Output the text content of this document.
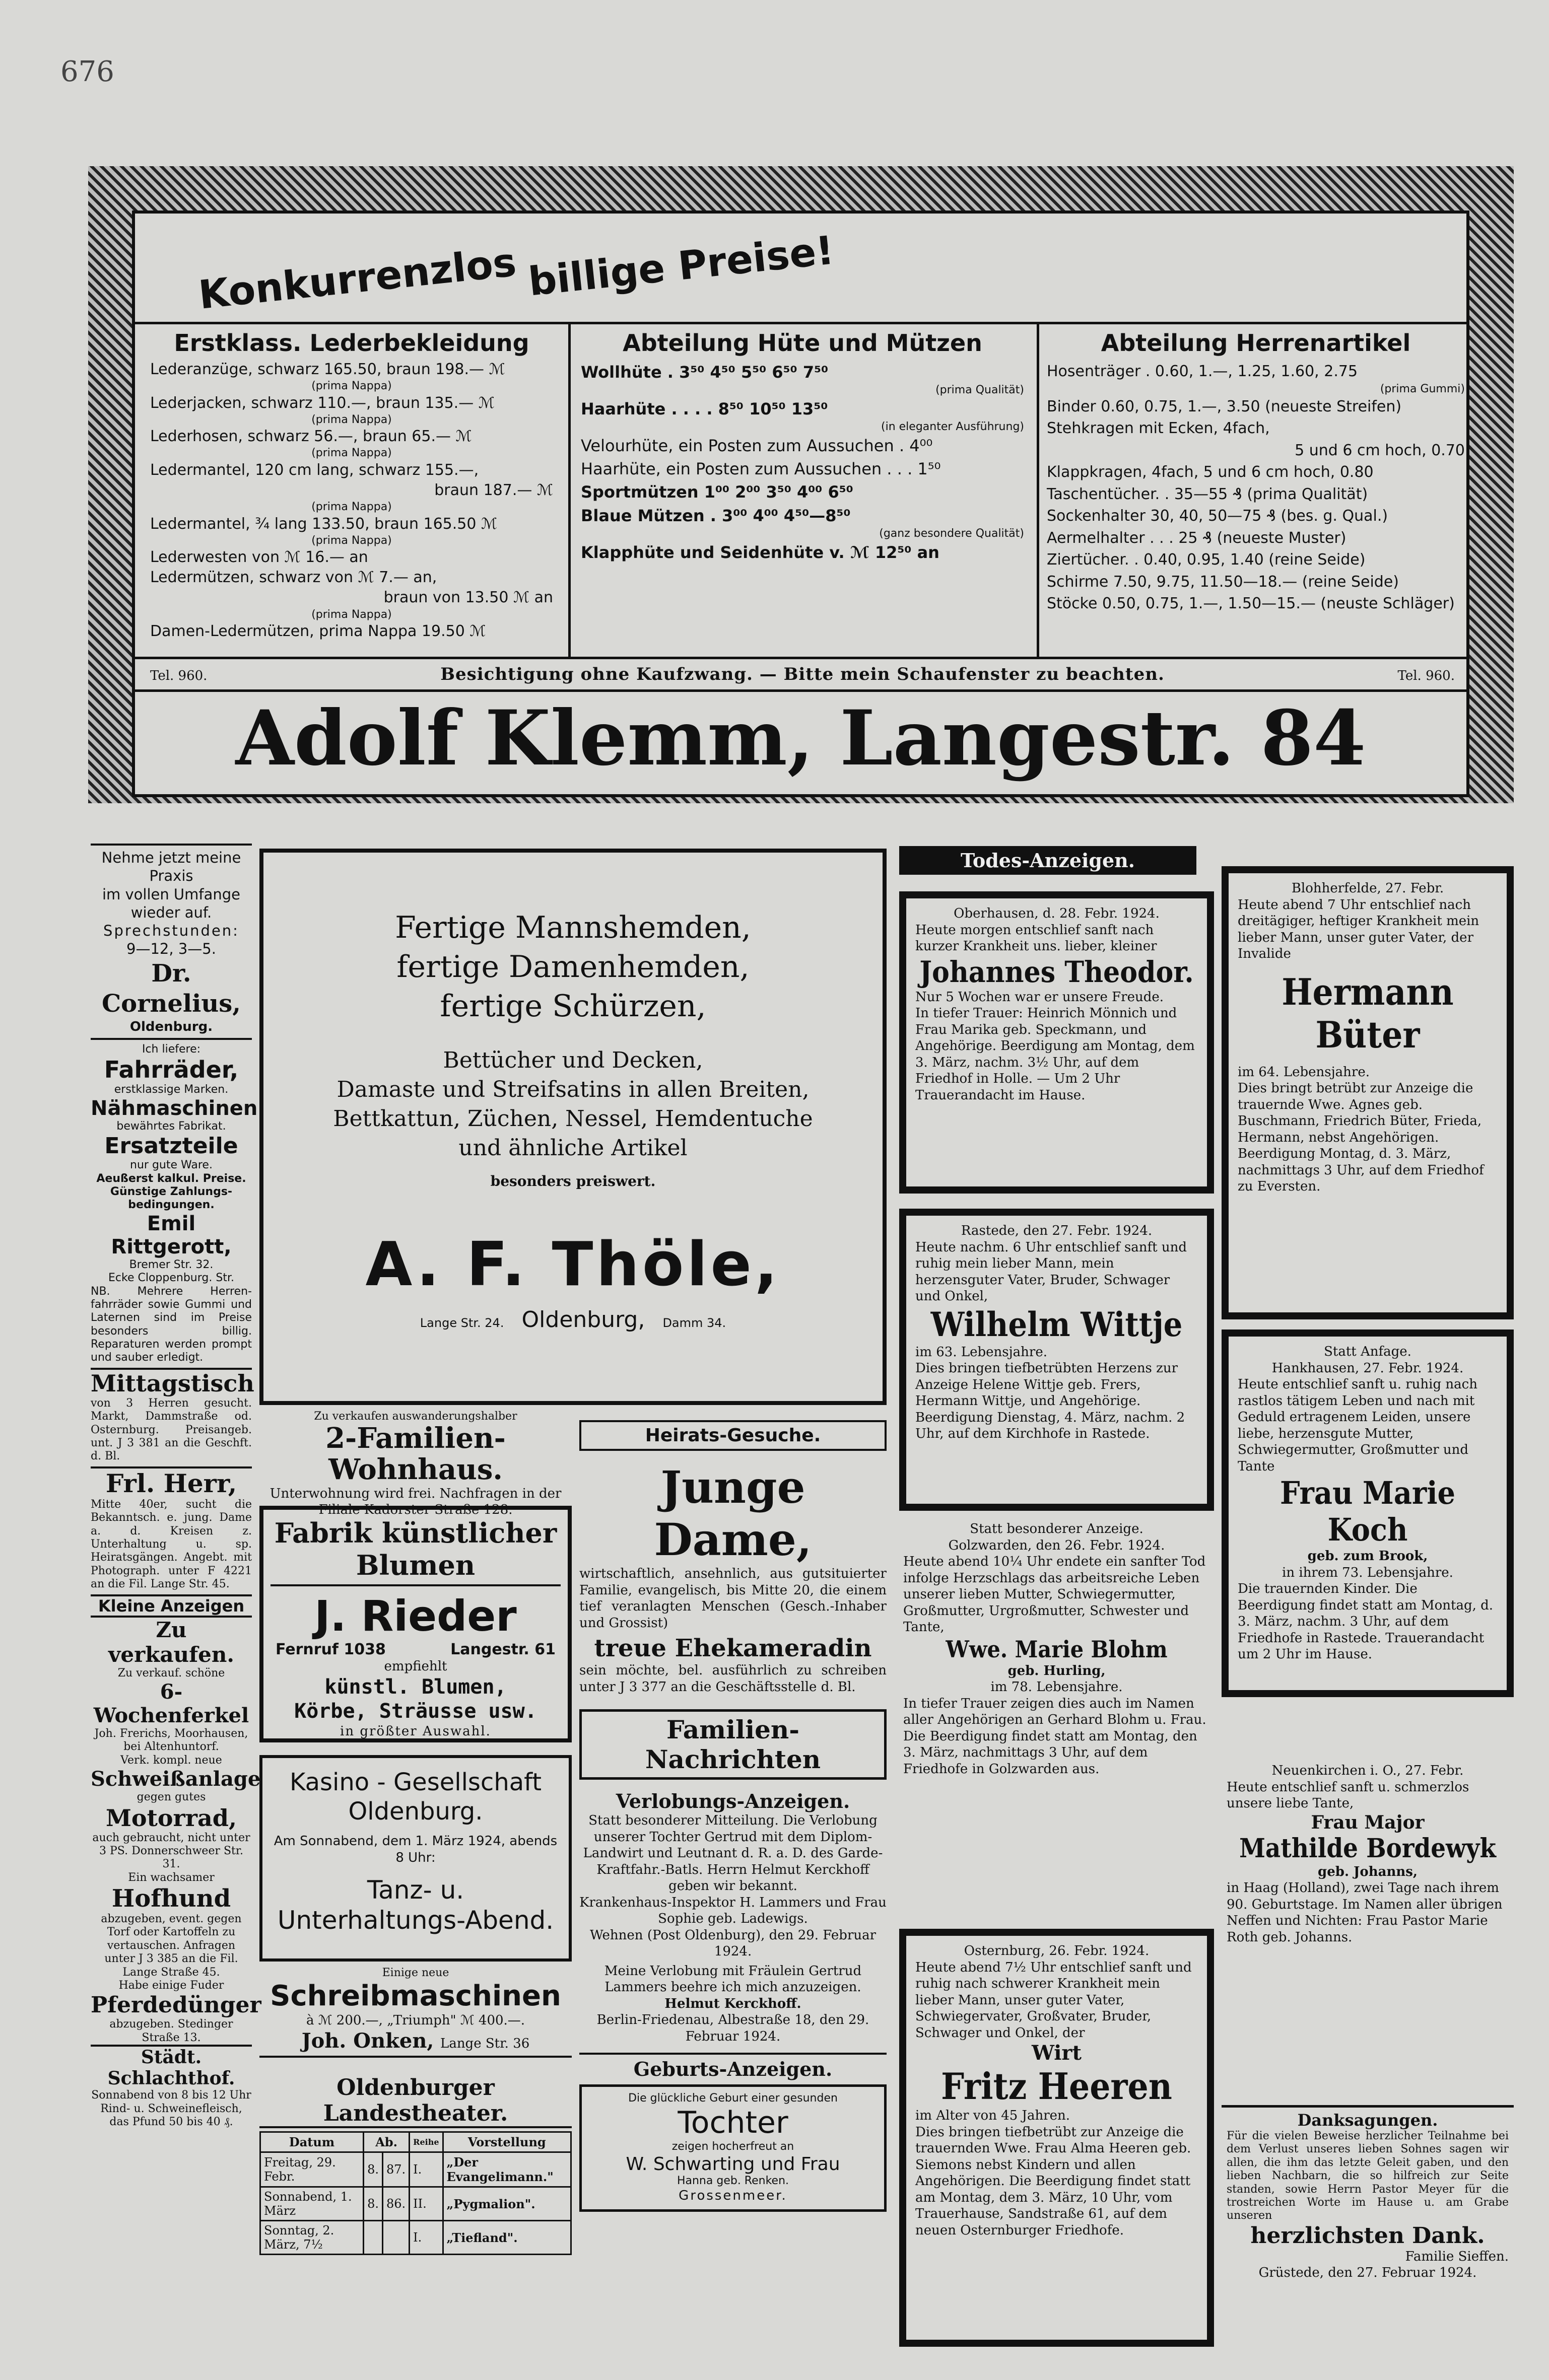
676
Konkurrenzlos billige Preise!
Erstklass. Lederbekleidung
Lederanzüge, schwarz 165.50, braun 198.— ℳ
(prima Nappa)
Lederjacken, schwarz 110.—, braun 135.— ℳ
(prima Nappa)
Lederhosen, schwarz 56.—, braun 65.— ℳ
(prima Nappa)
Ledermantel, 120 cm lang, schwarz 155.—,
braun 187.— ℳ
(prima Nappa)
Ledermantel, ¾ lang 133.50, braun 165.50 ℳ
(prima Nappa)
Lederwesten von ℳ 16.— an
Ledermützen, schwarz von ℳ 7.— an,
braun von 13.50 ℳ an
(prima Nappa)
Damen-Ledermützen, prima Nappa 19.50 ℳ
Abteilung Hüte und Mützen
Wollhüte . 3⁵⁰ 4⁵⁰ 5⁵⁰ 6⁵⁰ 7⁵⁰
(prima Qualität)
Haarhüte . . . . 8⁵⁰ 10⁵⁰ 13⁵⁰
(in eleganter Ausführung)
Velourhüte, ein Posten zum Aussuchen . 4⁰⁰
Haarhüte, ein Posten zum Aussuchen . . . 1⁵⁰
Sportmützen 1⁰⁰ 2⁰⁰ 3⁵⁰ 4⁰⁰ 6⁵⁰
Blaue Mützen . 3⁰⁰ 4⁰⁰ 4⁵⁰—8⁵⁰
(ganz besondere Qualität)
Klapphüte und Seidenhüte v. ℳ 12⁵⁰ an
Abteilung Herrenartikel
Hosenträger . 0.60, 1.—, 1.25, 1.60, 2.75
(prima Gummi)
Binder 0.60, 0.75, 1.—, 3.50 (neueste Streifen)
Stehkragen mit Ecken, 4fach,
5 und 6 cm hoch, 0.70
Klappkragen, 4fach, 5 und 6 cm hoch, 0.80
Taschentücher. . 35—55 ₰ (prima Qualität)
Sockenhalter 30, 40, 50—75 ₰ (bes. g. Qual.)
Aermelhalter . . . 25 ₰ (neueste Muster)
Ziertücher. . 0.40, 0.95, 1.40 (reine Seide)
Schirme 7.50, 9.75, 11.50—18.— (reine Seide)
Stöcke 0.50, 0.75, 1.—, 1.50—15.— (neuste Schläger)
Tel. 960.	Besichtigung ohne Kaufzwang. — Bitte mein Schaufenster zu beachten.	Tel. 960.
Adolf Klemm, Langestr. 84
Nehme jetzt meine
Praxis
im vollen Umfange
wieder auf.
Sprechstunden:
9—12, 3—5.
Dr. Cornelius,
Oldenburg.
Ich liefere:
Fahrräder,
erstklassige Marken.
Nähmaschinen
bewährtes Fabrikat.
Ersatzteile
nur gute Ware.
Aeußerst kalkul. Preise.
Günstige Zahlungs-
bedingungen.
Emil Rittgerott,
Bremer Str. 32.
Ecke Cloppenburg. Str.
NB. Mehrere Herren-fahrräder sowie Gummi und Laternen sind im Preise besonders billig. Reparaturen werden prompt und sauber erledigt.
Mittagstisch
von 3 Herren gesucht. Markt, Dammstraße od. Osternburg. Preisangeb. unt. J 3 381 an die Geschft. d. Bl.
Frl. Herr,
Mitte 40er, sucht die Bekanntsch. e. jung. Dame a. d. Kreisen z. Unterhaltung u. sp. Heiratsgängen. Angebt. mit Photograph. unter F 4221 an die Fil. Lange Str. 45.
Kleine Anzeigen
Zu verkaufen.
Zu verkauf. schöne
6-Wochenferkel
Joh. Frerichs, Moorhausen, bei Altenhuntorf.
Verk. kompl. neue
Schweißanlage
gegen gutes
Motorrad,
auch gebraucht, nicht unter 3 PS. Donnerschweer Str. 31.
Ein wachsamer
Hofhund
abzugeben, event. gegen Torf oder Kartoffeln zu vertauschen. Anfragen unter J 3 385 an die Fil. Lange Straße 45.
Habe einige Fuder
Pferdedünger
abzugeben. Stedinger Straße 13.
Städt. Schlachthof.
Sonnabend von 8 bis 12 Uhr Rind- u. Schweinefleisch, das Pfund 50 bis 40 ₰.
Fertige Mannshemden,
fertige Damenhemden,
fertige Schürzen,
Bettücher und Decken,
Damaste und Streifsatins in allen Breiten,
Bettkattun, Züchen, Nessel, Hemdentuche
und ähnliche Artikel
besonders preiswert.
A. F. Thöle,
Lange Str. 24. Oldenburg, Damm 34.
Zu verkaufen auswanderungshalber
2-Familien-Wohnhaus.
Unterwohnung wird frei. Nachfragen in der Filiale Kadorster Straße 128.
Fabrik künstlicher Blumen
J. Rieder
Fernruf 1038	Langestr. 61
empfiehlt
künstl. Blumen,
Körbe, Sträusse usw.
in größter Auswahl.
Kasino - Gesellschaft Oldenburg.
Am Sonnabend, dem 1. März 1924, abends 8 Uhr:
Tanz- u. Unterhaltungs-Abend.
Einige neue
Schreibmaschinen
à ℳ 200.—, „Triumph" ℳ 400.—.
Joh. Onken, Lange Str. 36
Oldenburger Landestheater.
Datum	Ab.		Reihe	Vorstellung
Freitag, 29. Febr.	8.	87.	I.	„Der Evangelimann."
Sonnabend, 1. März	8.	86.	II.	„Pygmalion".
Sonntag, 2. März, 7½			I.	„Tiefland".
Heirats-Gesuche.
Junge Dame,
wirtschaftlich, ansehnlich, aus gutsituierter Familie, evangelisch, bis Mitte 20, die einem tief veranlagten Menschen (Gesch.-Inhaber und Grossist)
treue Ehekameradin
sein möchte, bel. ausführlich zu schreiben unter J 3 377 an die Geschäftsstelle d. Bl.
Familien-Nachrichten
Verlobungs-Anzeigen.
Statt besonderer Mitteilung. Die Verlobung unserer Tochter Gertrud mit dem Diplom-Landwirt und Leutnant d. R. a. D. des Garde-Kraftfahr.-Batls. Herrn Helmut Kerckhoff geben wir bekannt.
Krankenhaus-Inspektor H. Lammers und Frau Sophie geb. Ladewigs.
Wehnen (Post Oldenburg), den 29. Februar 1924.
Meine Verlobung mit Fräulein Gertrud Lammers beehre ich mich anzuzeigen.
Helmut Kerckhoff.
Berlin-Friedenau, Albestraße 18, den 29. Februar 1924.
Geburts-Anzeigen.
Die glückliche Geburt einer gesunden
Tochter
zeigen hocherfreut an
W. Schwarting und Frau
Hanna geb. Renken.
Grossenmeer.
Todes-Anzeigen.
Oberhausen, d. 28. Febr. 1924.
Heute morgen entschlief sanft nach kurzer Krankheit uns. lieber, kleiner
Johannes Theodor.
Nur 5 Wochen war er unsere Freude.
In tiefer Trauer: Heinrich Mönnich und Frau Marika geb. Speckmann, und Angehörige. Beerdigung am Montag, dem 3. März, nachm. 3½ Uhr, auf dem Friedhof in Holle. — Um 2 Uhr Trauerandacht im Hause.
Rastede, den 27. Febr. 1924.
Heute nachm. 6 Uhr entschlief sanft und ruhig mein lieber Mann, mein herzensguter Vater, Bruder, Schwager und Onkel,
Wilhelm Wittje
im 63. Lebensjahre.
Dies bringen tiefbetrübten Herzens zur Anzeige Helene Wittje geb. Frers, Hermann Wittje, und Angehörige. Beerdigung Dienstag, 4. März, nachm. 2 Uhr, auf dem Kirchhofe in Rastede.
Statt besonderer Anzeige.
Golzwarden, den 26. Febr. 1924.
Heute abend 10¼ Uhr endete ein sanfter Tod infolge Herzschlags das arbeitsreiche Leben unserer lieben Mutter, Schwiegermutter, Großmutter, Urgroßmutter, Schwester und Tante,
Wwe. Marie Blohm
geb. Hurling,
im 78. Lebensjahre.
In tiefer Trauer zeigen dies auch im Namen aller Angehörigen an Gerhard Blohm u. Frau. Die Beerdigung findet statt am Montag, den 3. März, nachmittags 3 Uhr, auf dem Friedhofe in Golzwarden aus.
Osternburg, 26. Febr. 1924.
Heute abend 7½ Uhr entschlief sanft und ruhig nach schwerer Krankheit mein lieber Mann, unser guter Vater, Schwiegervater, Großvater, Bruder, Schwager und Onkel, der
Wirt
Fritz Heeren
im Alter von 45 Jahren.
Dies bringen tiefbetrübt zur Anzeige die trauernden Wwe. Frau Alma Heeren geb. Siemons nebst Kindern und allen Angehörigen. Die Beerdigung findet statt am Montag, dem 3. März, 10 Uhr, vom Trauerhause, Sandstraße 61, auf dem neuen Osternburger Friedhofe.
Blohherfelde, 27. Febr.
Heute abend 7 Uhr entschlief nach dreitägiger, heftiger Krankheit mein lieber Mann, unser guter Vater, der Invalide
Hermann Büter
im 64. Lebensjahre.
Dies bringt betrübt zur Anzeige die trauernde Wwe. Agnes geb. Buschmann, Friedrich Büter, Frieda, Hermann, nebst Angehörigen. Beerdigung Montag, d. 3. März, nachmittags 3 Uhr, auf dem Friedhof zu Eversten.
Statt Anfage.
Hankhausen, 27. Febr. 1924.
Heute entschlief sanft u. ruhig nach rastlos tätigem Leben und nach mit Geduld ertragenem Leiden, unsere liebe, herzensgute Mutter, Schwiegermutter, Großmutter und Tante
Frau Marie Koch
geb. zum Brook,
in ihrem 73. Lebensjahre.
Die trauernden Kinder. Die Beerdigung findet statt am Montag, d. 3. März, nachm. 3 Uhr, auf dem Friedhofe in Rastede. Trauerandacht um 2 Uhr im Hause.
Neuenkirchen i. O., 27. Febr.
Heute entschlief sanft u. schmerzlos unsere liebe Tante,
Frau Major
Mathilde Bordewyk
geb. Johanns,
in Haag (Holland), zwei Tage nach ihrem 90. Geburtstage. Im Namen aller übrigen Neffen und Nichten: Frau Pastor Marie Roth geb. Johanns.
Danksagungen.
Für die vielen Beweise herzlicher Teilnahme bei dem Verlust unseres lieben Sohnes sagen wir allen, die ihm das letzte Geleit gaben, und den lieben Nachbarn, die so hilfreich zur Seite standen, sowie Herrn Pastor Meyer für die trostreichen Worte im Hause u. am Grabe unseren
herzlichsten Dank.
Familie Sieffen.
Grüstede, den 27. Februar 1924.
